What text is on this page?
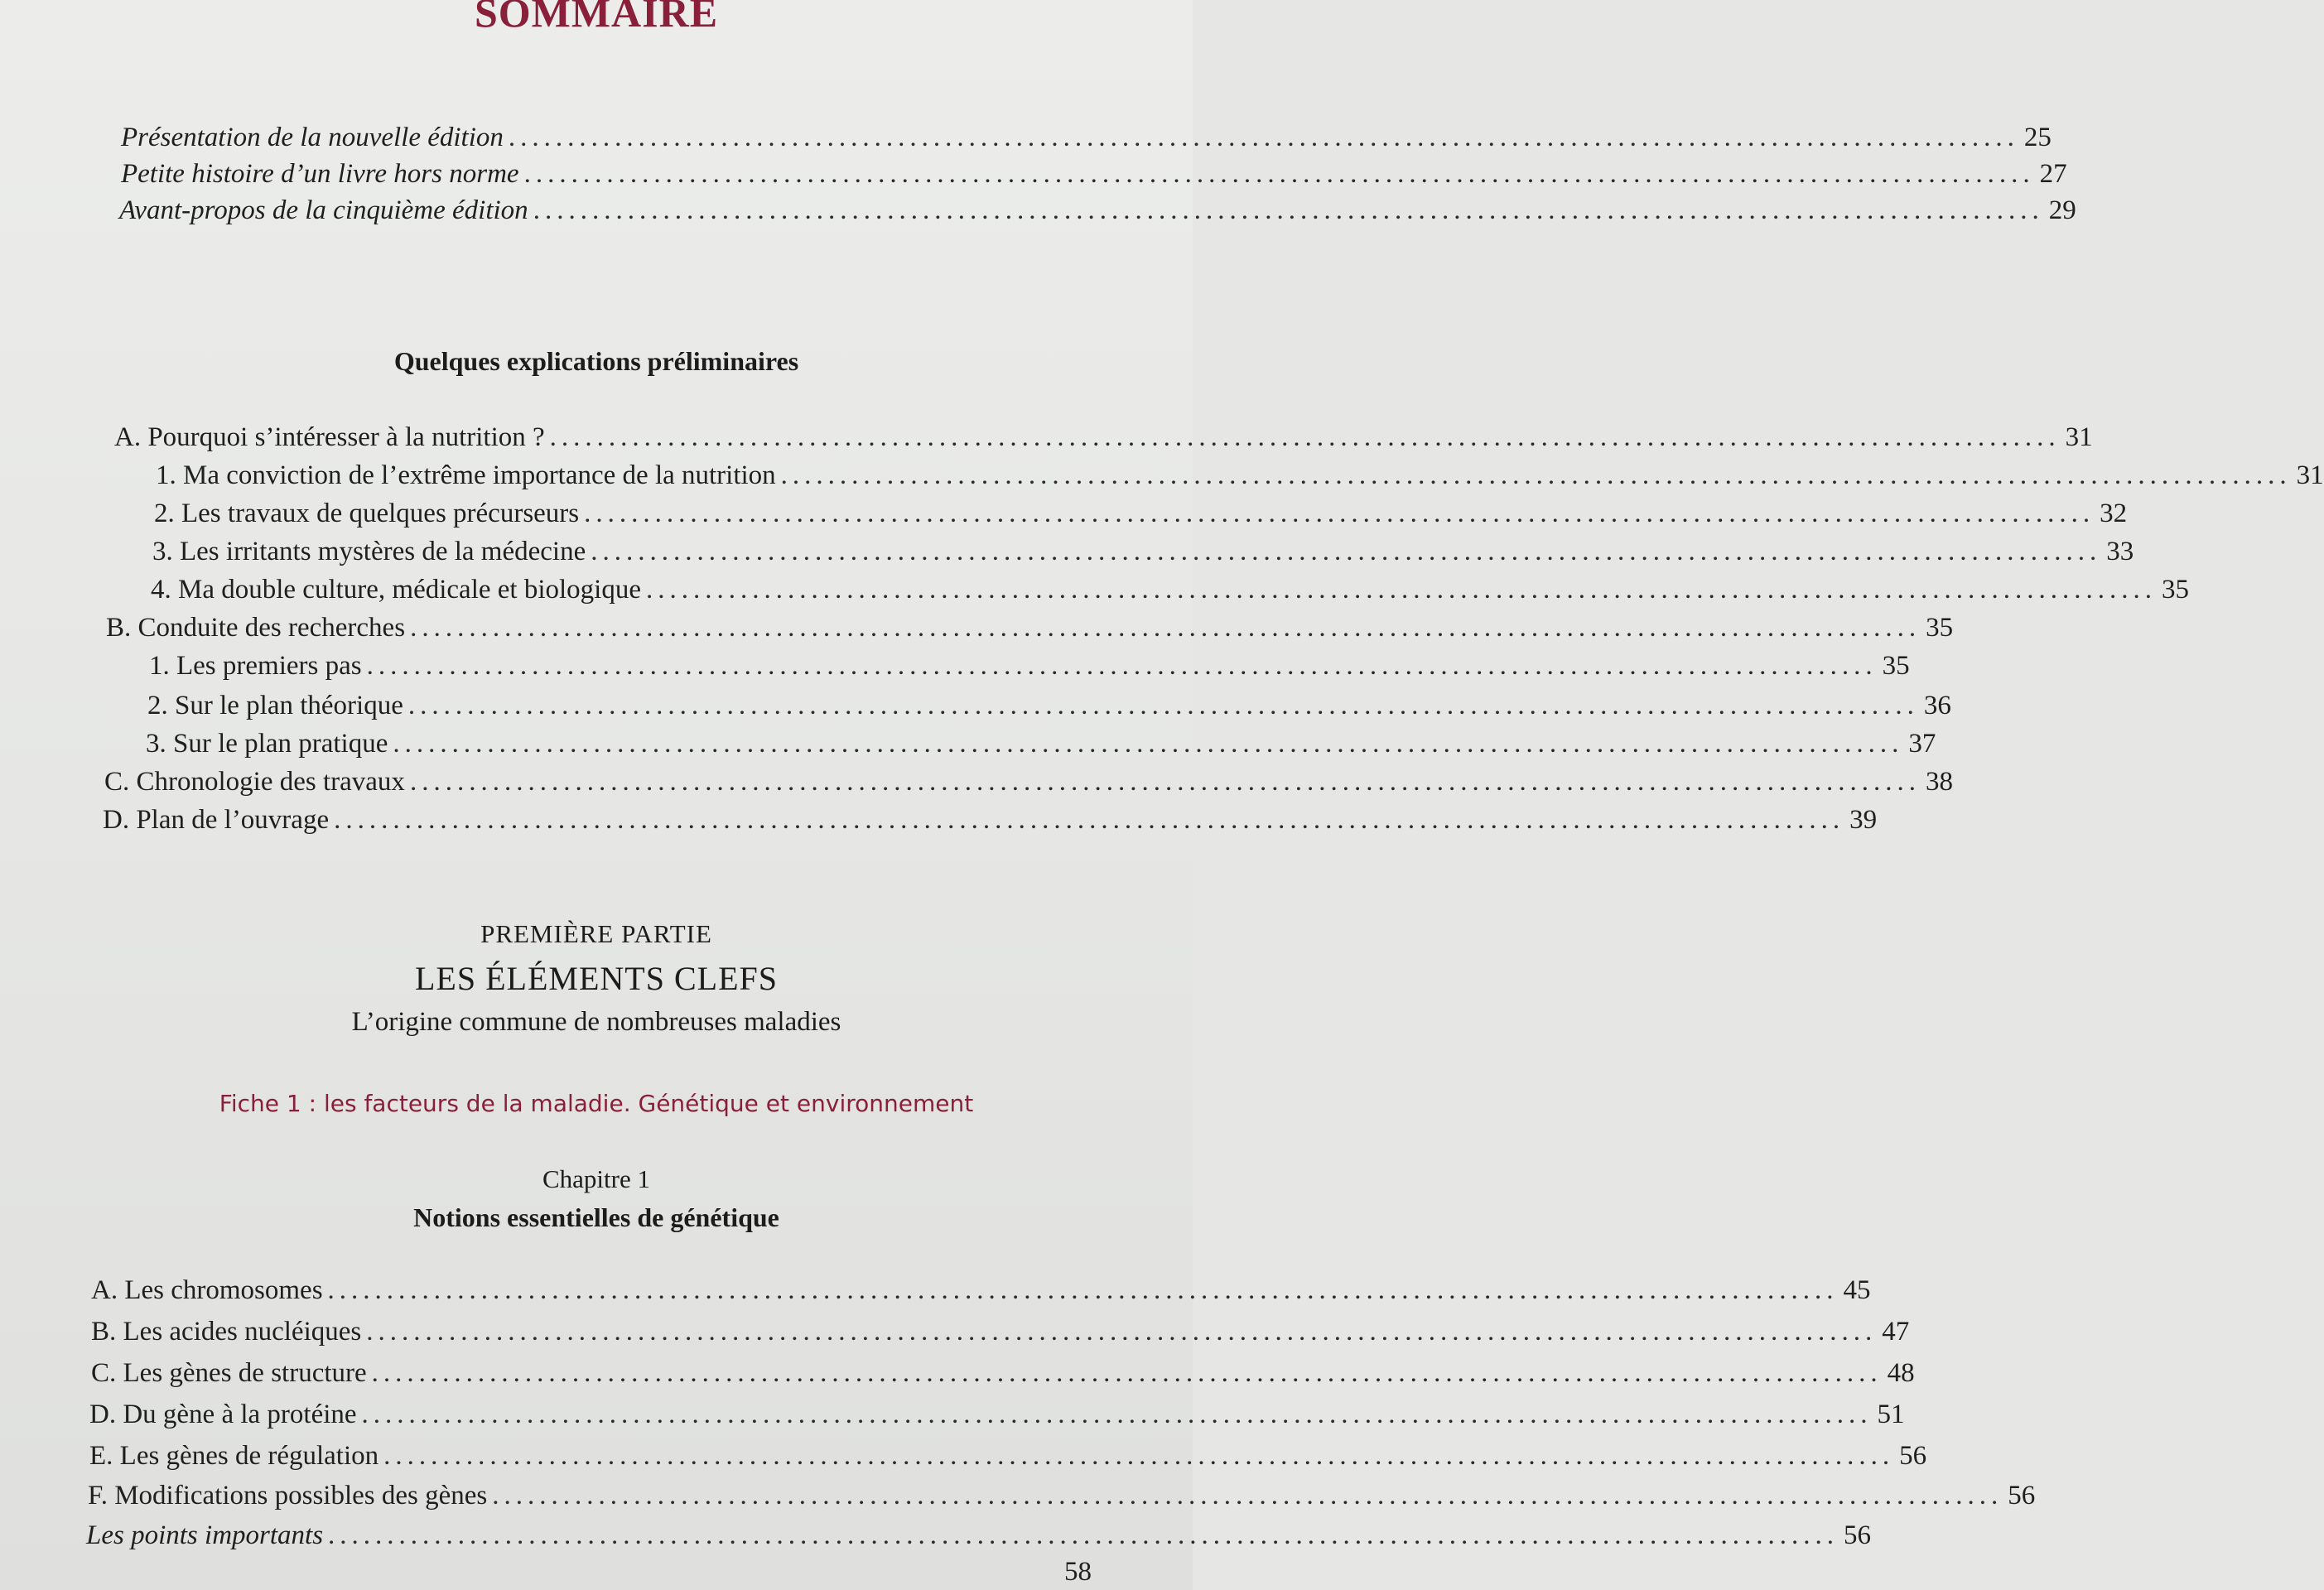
SOMMAIRE
Présentation de la nouvelle édition ................................................................................................................................ 25
Petite histoire d’un livre hors norme ................................................................................................................................ 27
Avant-propos de la cinquième édition ................................................................................................................................ 29
Quelques explications préliminaires
A. Pourquoi s’intéresser à la nutrition ? ................................................................................................................................ 31
1. Ma conviction de l’extrême importance de la nutrition ................................................................................................................................ 31
2. Les travaux de quelques précurseurs ................................................................................................................................ 32
3. Les irritants mystères de la médecine ................................................................................................................................ 33
4. Ma double culture, médicale et biologique ................................................................................................................................ 35
B. Conduite des recherches ................................................................................................................................ 35
1. Les premiers pas ................................................................................................................................ 35
2. Sur le plan théorique ................................................................................................................................ 36
3. Sur le plan pratique ................................................................................................................................ 37
C. Chronologie des travaux ................................................................................................................................ 38
D. Plan de l’ouvrage ................................................................................................................................ 39
PREMIÈRE PARTIE
LES ÉLÉMENTS CLEFS
L’origine commune de nombreuses maladies
Fiche 1 : les facteurs de la maladie. Génétique et environnement
Chapitre 1
Notions essentielles de génétique
A. Les chromosomes ................................................................................................................................ 45
B. Les acides nucléiques ................................................................................................................................ 47
C. Les gènes de structure ................................................................................................................................ 48
D. Du gène à la protéine ................................................................................................................................ 51
E. Les gènes de régulation ................................................................................................................................ 56
F. Modifications possibles des gènes ................................................................................................................................ 56
Les points importants ................................................................................................................................ 56
58
